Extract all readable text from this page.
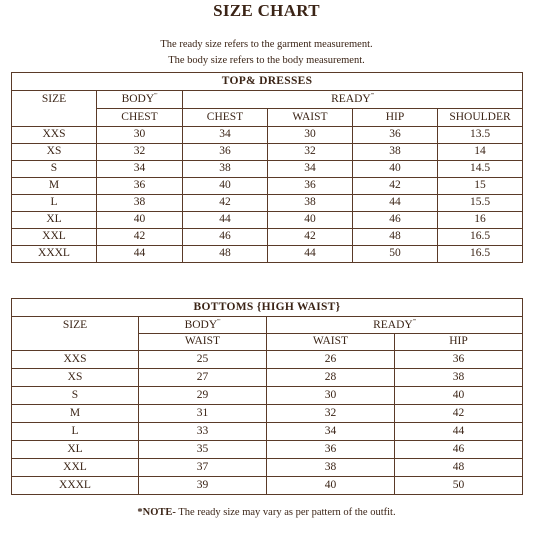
SIZE CHART
The ready size refers to the garment measurement.
The body size refers to the body measurement.
TOP& DRESSES					
SIZE	BODY'''	READY'''
	CHEST	CHEST	WAIST	HIP	SHOULDER
XXS	30	34	30	36	13.5
XS	32	36	32	38	14
S	34	38	34	40	14.5
M	36	40	36	42	15
L	38	42	38	44	15.5
XL	40	44	40	46	16
XXL	42	46	42	48	16.5
XXXL	44	48	44	50	16.5
BOTTOMS {HIGH WAIST}			
SIZE	BODY'''	READY'''
	WAIST	WAIST	HIP
XXS	25	26	36
XS	27	28	38
S	29	30	40
M	31	32	42
L	33	34	44
XL	35	36	46
XXL	37	38	48
XXXL	39	40	50
*NOTE- The ready size may vary as per pattern of the outfit.
